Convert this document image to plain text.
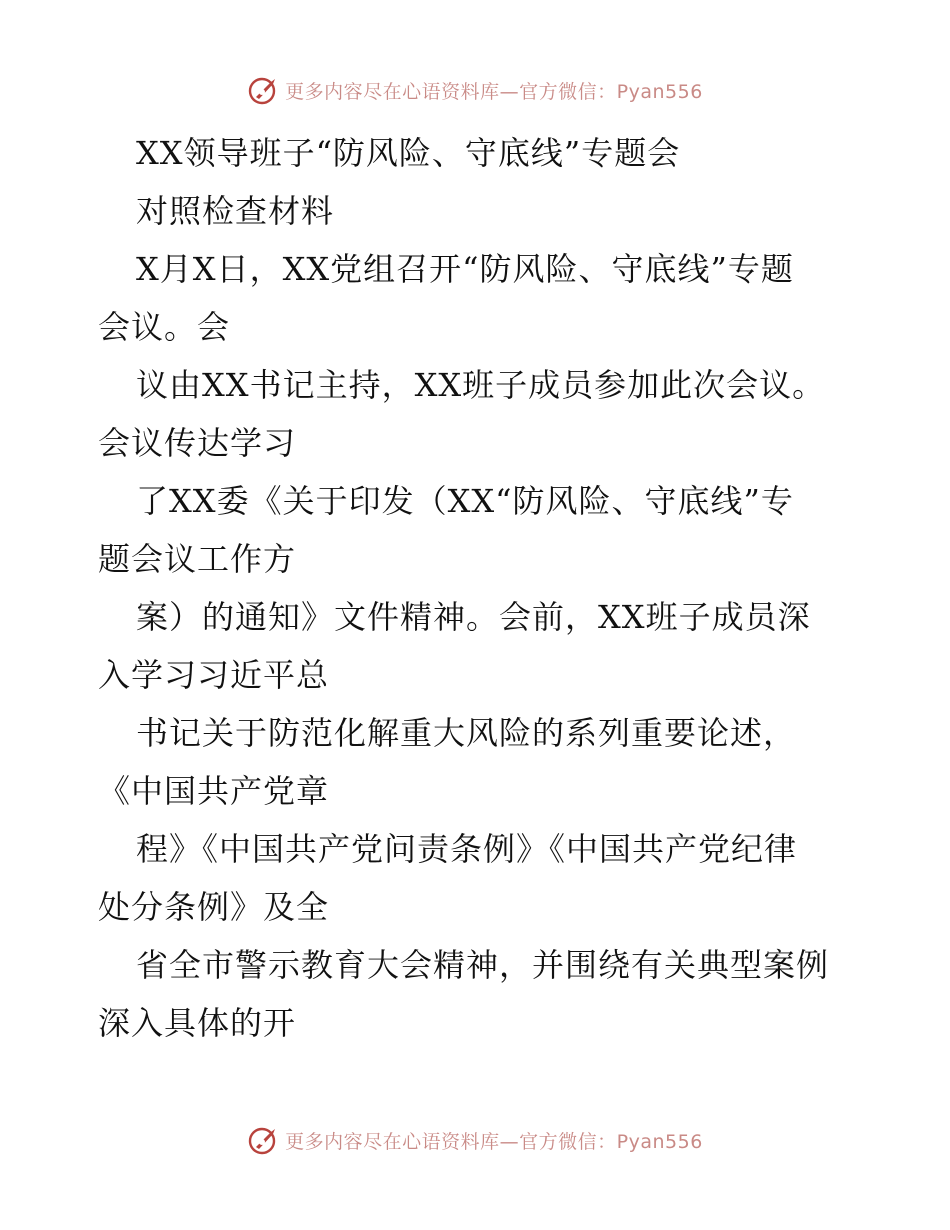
更多内容尽在心语资料库—官方微信：Pyan556
XX领导班子“防风险、守底线”专题会
对照检查材料
X月X日，XX党组召开“防风险、守底线”专题
会议。会
议由XX书记主持，XX班子成员参加此次会议。
会议传达学习
了XX委《关于印发（XX“防风险、守底线”专
题会议工作方
案）的通知》文件精神。会前，XX班子成员深
入学习习近平总
书记关于防范化解重大风险的系列重要论述，
《中国共产党章
程》《中国共产党问责条例》《中国共产党纪律
处分条例》及全
省全市警示教育大会精神，并围绕有关典型案例
深入具体的开
更多内容尽在心语资料库—官方微信：Pyan556
